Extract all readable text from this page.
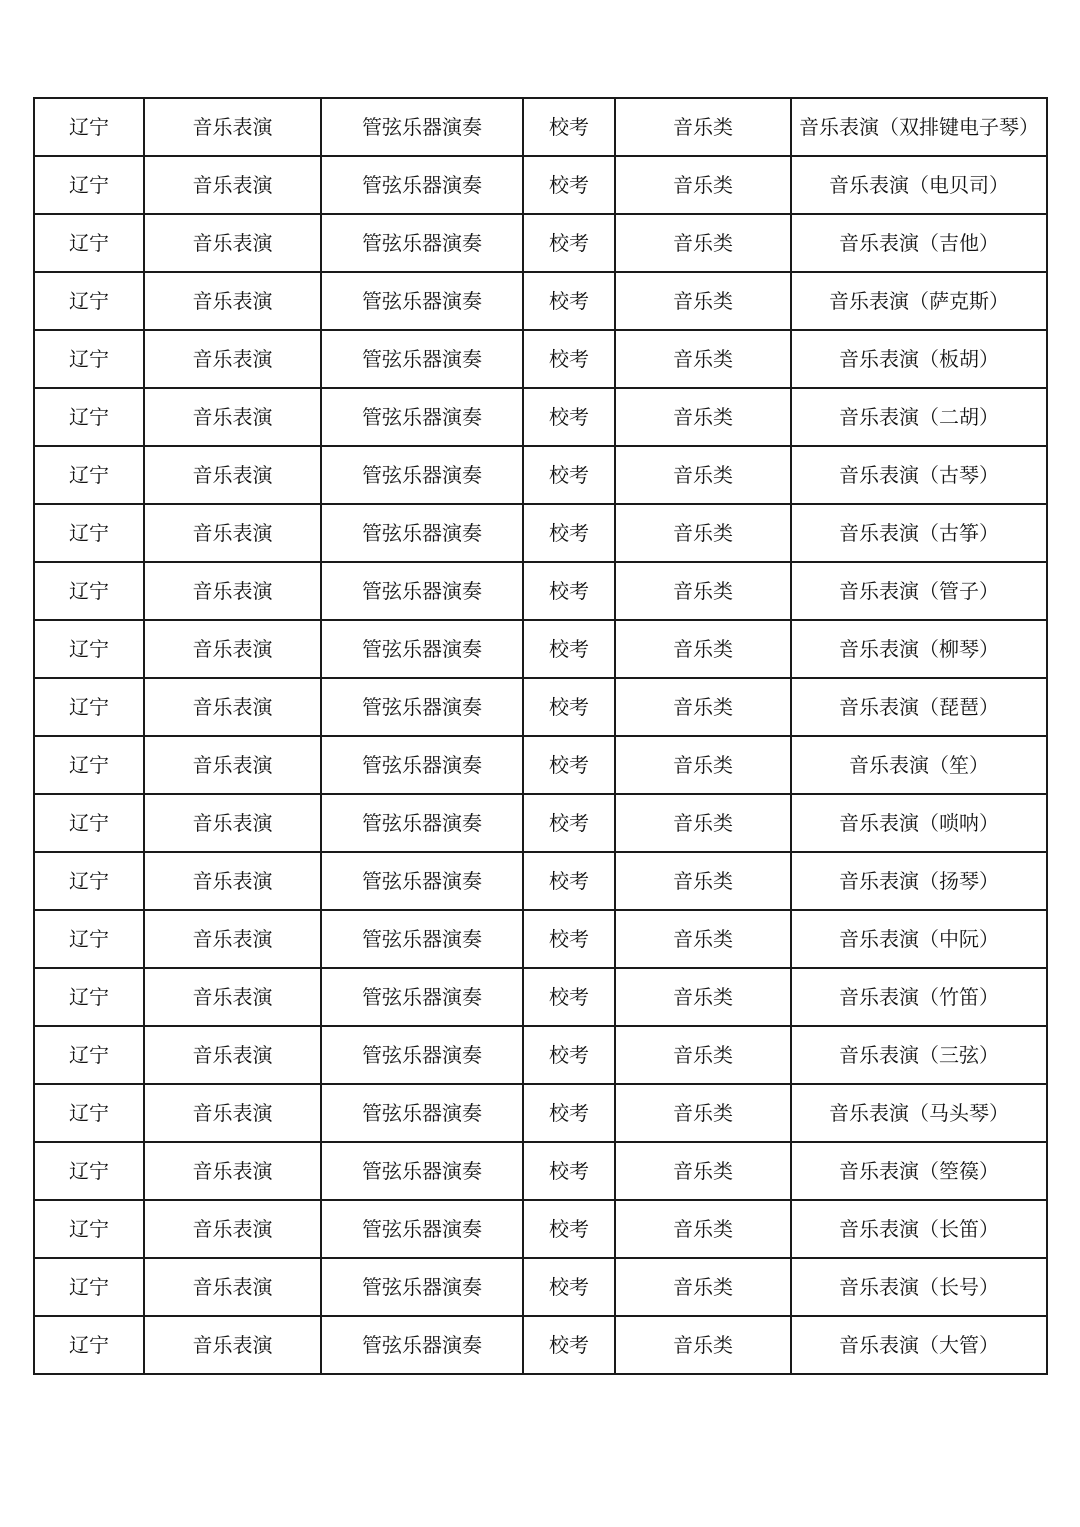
辽宁	音乐表演	管弦乐器演奏	校考	音乐类	音乐表演（双排键电子琴）
辽宁	音乐表演	管弦乐器演奏	校考	音乐类	音乐表演（电贝司）
辽宁	音乐表演	管弦乐器演奏	校考	音乐类	音乐表演（吉他）
辽宁	音乐表演	管弦乐器演奏	校考	音乐类	音乐表演（萨克斯）
辽宁	音乐表演	管弦乐器演奏	校考	音乐类	音乐表演（板胡）
辽宁	音乐表演	管弦乐器演奏	校考	音乐类	音乐表演（二胡）
辽宁	音乐表演	管弦乐器演奏	校考	音乐类	音乐表演（古琴）
辽宁	音乐表演	管弦乐器演奏	校考	音乐类	音乐表演（古筝）
辽宁	音乐表演	管弦乐器演奏	校考	音乐类	音乐表演（管子）
辽宁	音乐表演	管弦乐器演奏	校考	音乐类	音乐表演（柳琴）
辽宁	音乐表演	管弦乐器演奏	校考	音乐类	音乐表演（琵琶）
辽宁	音乐表演	管弦乐器演奏	校考	音乐类	音乐表演（笙）
辽宁	音乐表演	管弦乐器演奏	校考	音乐类	音乐表演（唢呐）
辽宁	音乐表演	管弦乐器演奏	校考	音乐类	音乐表演（扬琴）
辽宁	音乐表演	管弦乐器演奏	校考	音乐类	音乐表演（中阮）
辽宁	音乐表演	管弦乐器演奏	校考	音乐类	音乐表演（竹笛）
辽宁	音乐表演	管弦乐器演奏	校考	音乐类	音乐表演（三弦）
辽宁	音乐表演	管弦乐器演奏	校考	音乐类	音乐表演（马头琴）
辽宁	音乐表演	管弦乐器演奏	校考	音乐类	音乐表演（箜篌）
辽宁	音乐表演	管弦乐器演奏	校考	音乐类	音乐表演（长笛）
辽宁	音乐表演	管弦乐器演奏	校考	音乐类	音乐表演（长号）
辽宁	音乐表演	管弦乐器演奏	校考	音乐类	音乐表演（大管）
